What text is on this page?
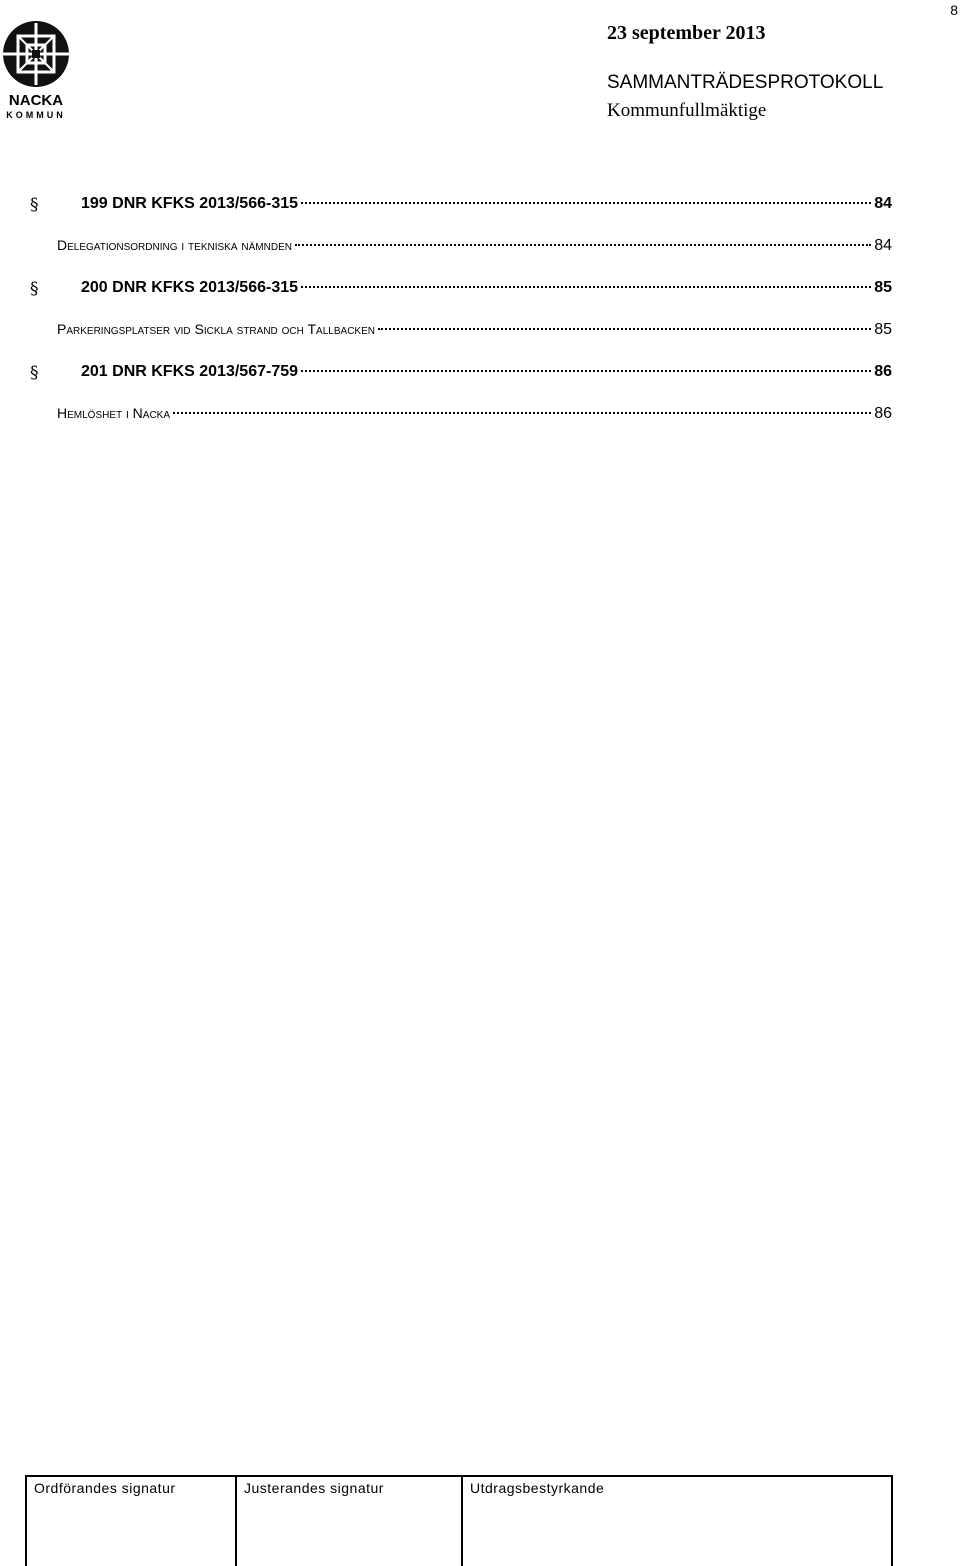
8
NACKA
KOMMUN
23 september 2013
SAMMANTRÄDESPROTOKOLL
Kommunfullmäktige
§	199 DNR KFKS 2013/566-315	84
Delegationsordning i tekniska nämnden	84
§	200 DNR KFKS 2013/566-315	85
Parkeringsplatser vid Sickla strand och Tallbacken	85
§	201 DNR KFKS 2013/567-759	86
Hemlöshet i Nacka	86
Ordförandes signatur	Justerandes signatur	Utdragsbestyrkande
